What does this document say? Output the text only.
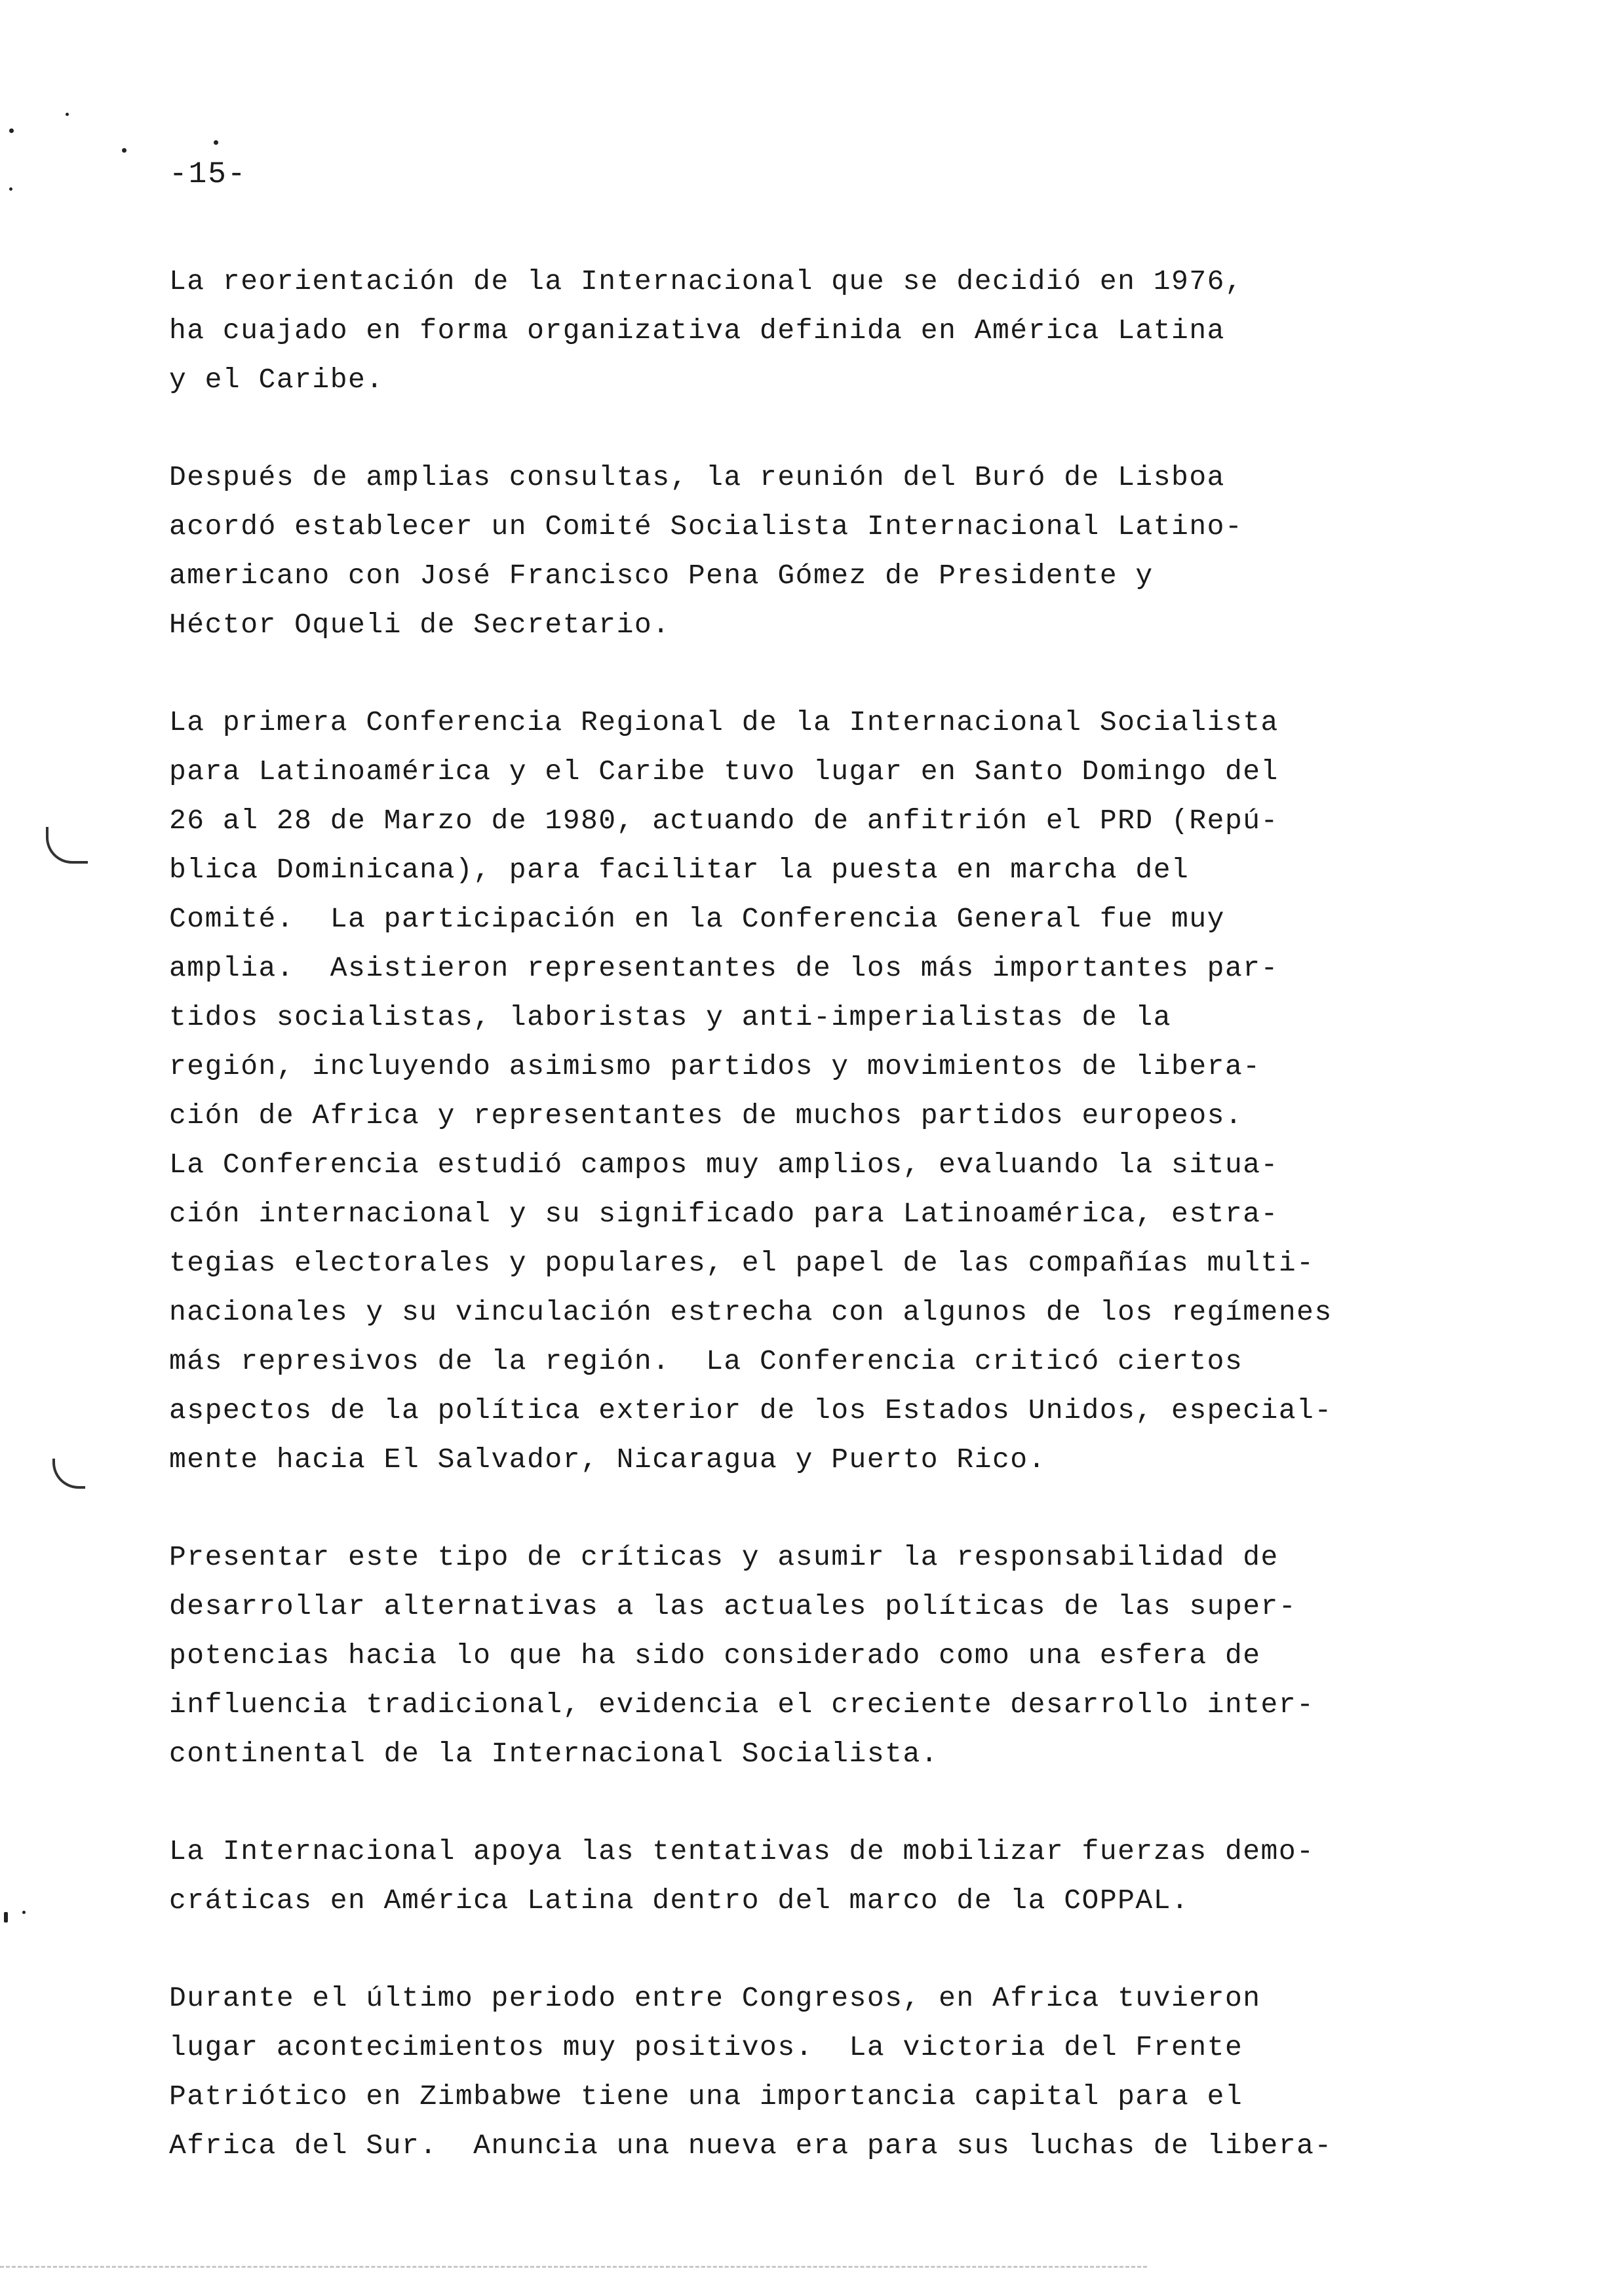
-15-
La reorientación de la Internacional que se decidió en 1976,
ha cuajado en forma organizativa definida en América Latina
y el Caribe.
Después de amplias consultas, la reunión del Buró de Lisboa
acordó establecer un Comité Socialista Internacional Latino-
americano con José Francisco Pena Gómez de Presidente y
Héctor Oqueli de Secretario.
La primera Conferencia Regional de la Internacional Socialista
para Latinoamérica y el Caribe tuvo lugar en Santo Domingo del
26 al 28 de Marzo de 1980, actuando de anfitrión el PRD (Repú-
blica Dominicana), para facilitar la puesta en marcha del
Comité.  La participación en la Conferencia General fue muy
amplia.  Asistieron representantes de los más importantes par-
tidos socialistas, laboristas y anti-imperialistas de la
región, incluyendo asimismo partidos y movimientos de libera-
ción de Africa y representantes de muchos partidos europeos.
La Conferencia estudió campos muy amplios, evaluando la situa-
ción internacional y su significado para Latinoamérica, estra-
tegias electorales y populares, el papel de las compañías multi-
nacionales y su vinculación estrecha con algunos de los regímenes
más represivos de la región.  La Conferencia criticó ciertos
aspectos de la política exterior de los Estados Unidos, especial-
mente hacia El Salvador, Nicaragua y Puerto Rico.
Presentar este tipo de críticas y asumir la responsabilidad de
desarrollar alternativas a las actuales políticas de las super-
potencias hacia lo que ha sido considerado como una esfera de
influencia tradicional, evidencia el creciente desarrollo inter-
continental de la Internacional Socialista.
La Internacional apoya las tentativas de mobilizar fuerzas demo-
cráticas en América Latina dentro del marco de la COPPAL.
Durante el último periodo entre Congresos, en Africa tuvieron
lugar acontecimientos muy positivos.  La victoria del Frente
Patriótico en Zimbabwe tiene una importancia capital para el
Africa del Sur.  Anuncia una nueva era para sus luchas de libera-
